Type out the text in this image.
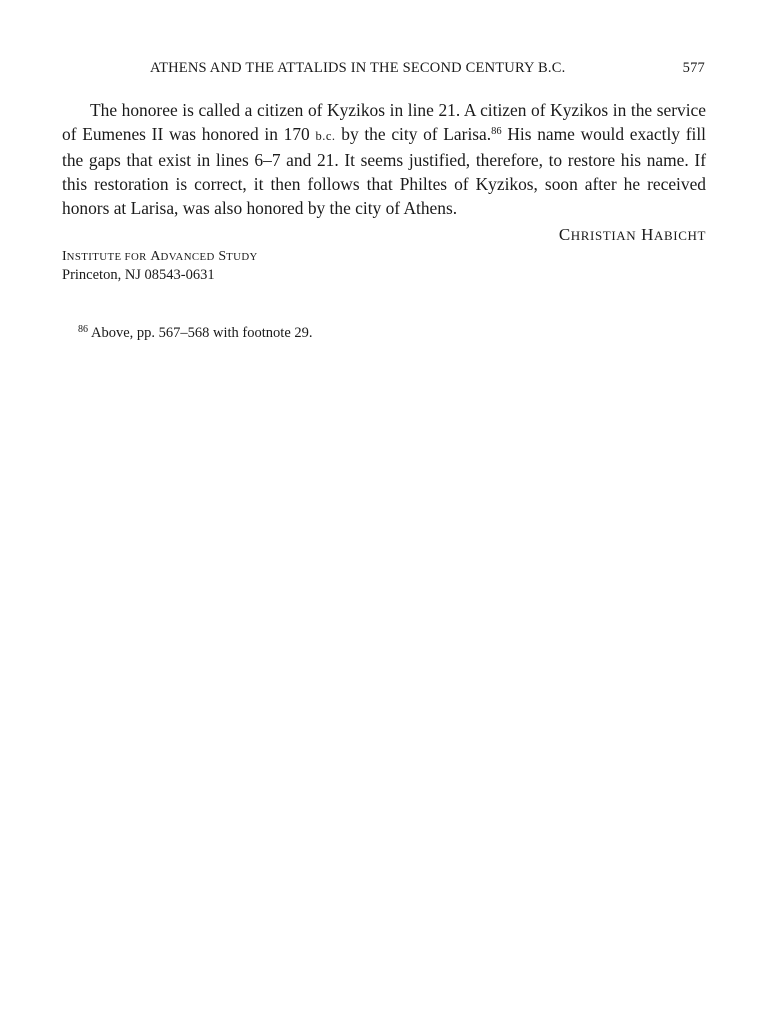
ATHENS AND THE ATTALIDS IN THE SECOND CENTURY B.C.	577

The honoree is called a citizen of Kyzikos in line 21. A citizen of Kyzikos in the service
of Eumenes II was honored in 170 b.c. by the city of Larisa.$^{86}$ His name would exactly fill
the gaps that exist in lines 6–7 and 21. It seems justified, therefore, to restore his name. If
this restoration is correct, it then follows that Philtes of Kyzikos, soon after he received
honors at Larisa, was also honored by the city of Athens.

CHRISTIAN HABICHT
INSTITUTE FOR ADVANCED STUDY
Princeton, NJ 08543-0631
$^{86}$ Above, pp. 567–568 with footnote 29.
